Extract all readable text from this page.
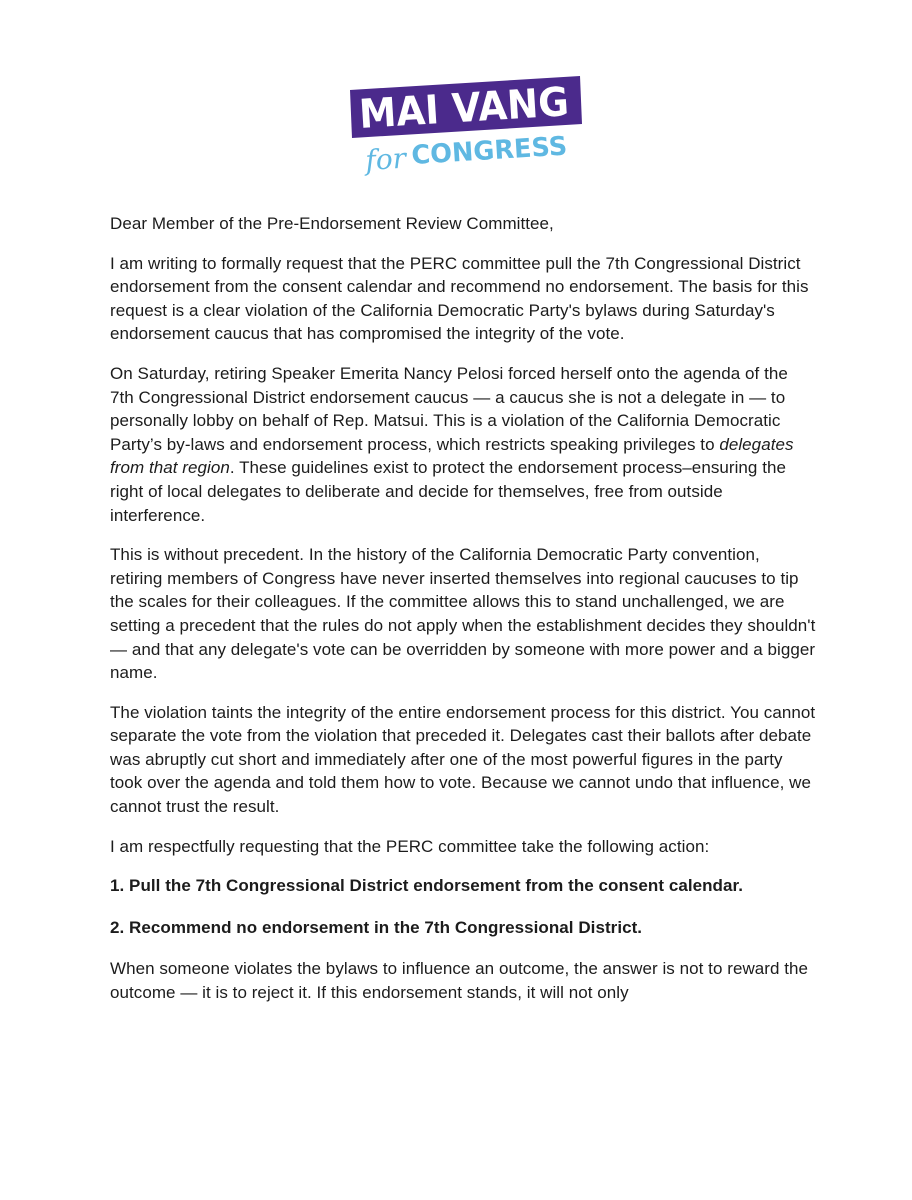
MAI VANG
for CONGRESS

Dear Member of the Pre-Endorsement Review Committee,

I am writing to formally request that the PERC committee pull the 7th Congressional District endorsement from the consent calendar and recommend no endorsement. The basis for this request is a clear violation of the California Democratic Party's bylaws during Saturday's endorsement caucus that has compromised the integrity of the vote.

On Saturday, retiring Speaker Emerita Nancy Pelosi forced herself onto the agenda of the 7th Congressional District endorsement caucus — a caucus she is not a delegate in — to personally lobby on behalf of Rep. Matsui. This is a violation of the California Democratic Party’s by-laws and endorsement process, which restricts speaking privileges to delegates from that region. These guidelines exist to protect the endorsement process–ensuring the right of local delegates to deliberate and decide for themselves, free from outside interference.

This is without precedent. In the history of the California Democratic Party convention, retiring members of Congress have never inserted themselves into regional caucuses to tip the scales for their colleagues. If the committee allows this to stand unchallenged, we are setting a precedent that the rules do not apply when the establishment decides they shouldn't — and that any delegate's vote can be overridden by someone with more power and a bigger name.

The violation taints the integrity of the entire endorsement process for this district. You cannot separate the vote from the violation that preceded it. Delegates cast their ballots after debate was abruptly cut short and immediately after one of the most powerful figures in the party took over the agenda and told them how to vote. Because we cannot undo that influence, we cannot trust the result.

I am respectfully requesting that the PERC committee take the following action:

1. Pull the 7th Congressional District endorsement from the consent calendar.

2. Recommend no endorsement in the 7th Congressional District.

When someone violates the bylaws to influence an outcome, the answer is not to reward the outcome — it is to reject it. If this endorsement stands, it will not only
